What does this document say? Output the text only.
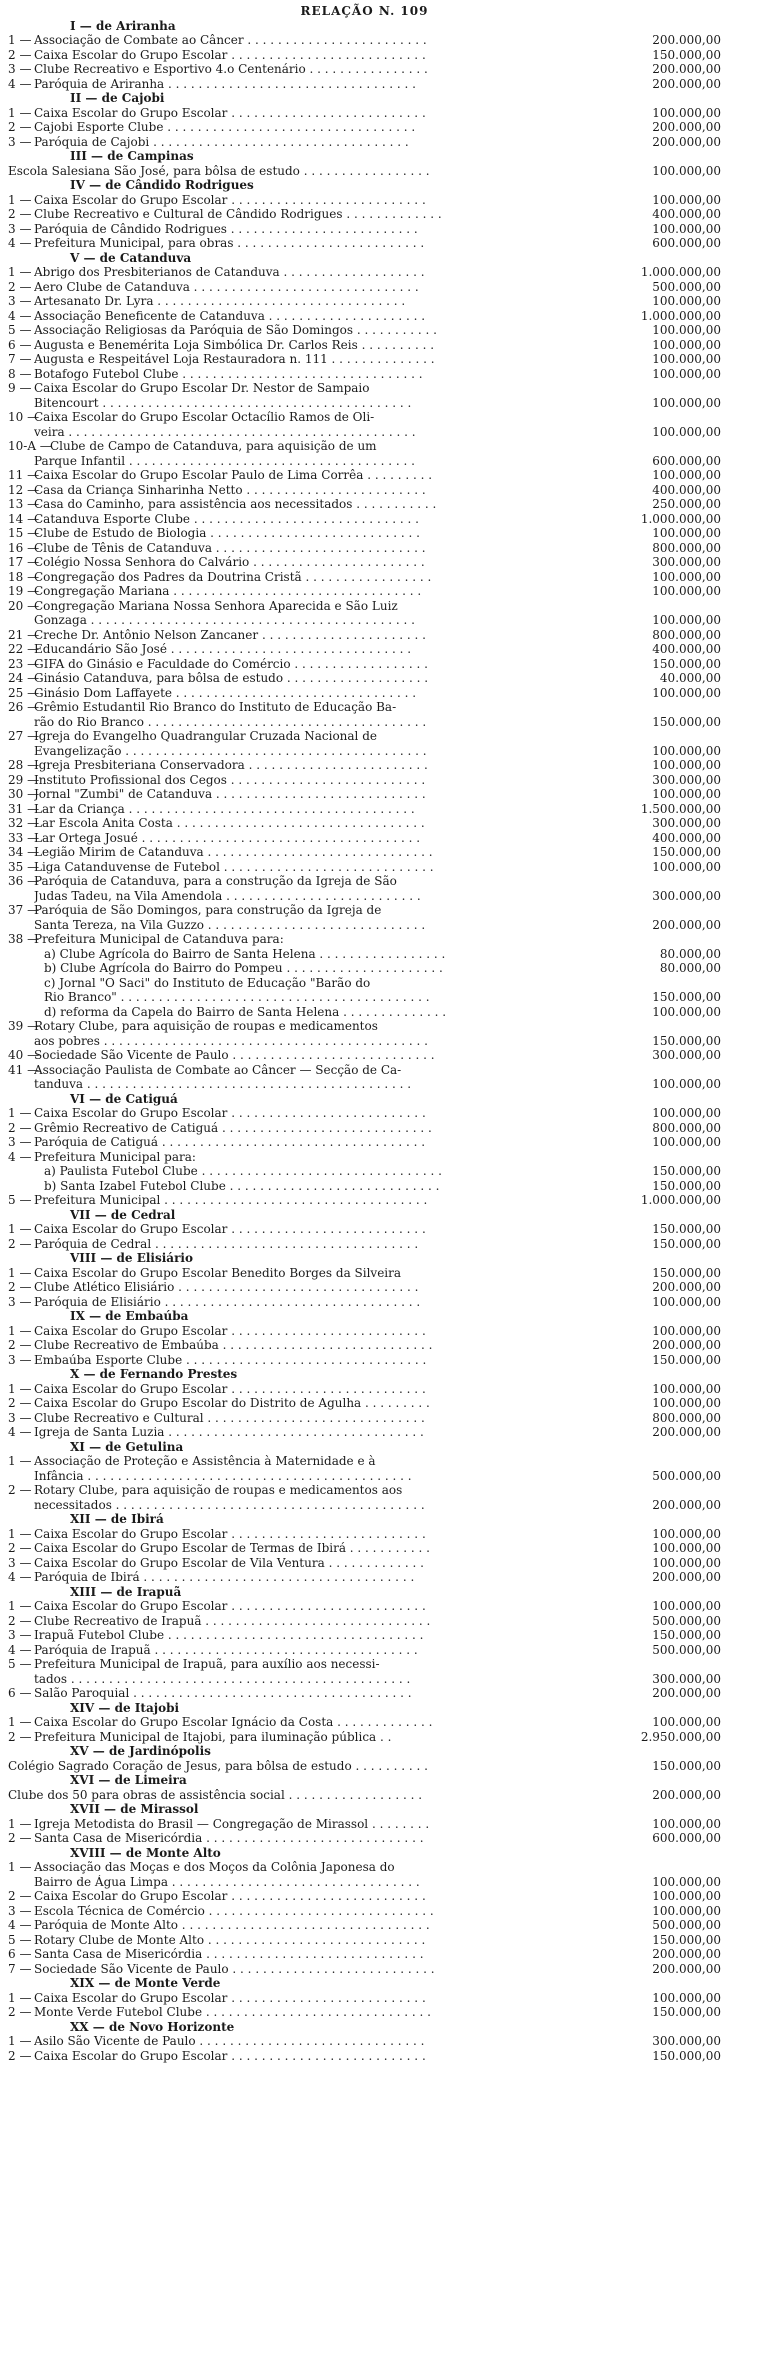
RELAÇÃO N. 109
I — de Ariranha
1 — Associação de Combate ao Câncer . . . . . . . . . . . . . . . . . . . . . . . .	200.000,00
2 — Caixa Escolar do Grupo Escolar . . . . . . . . . . . . . . . . . . . . . . . . . .	150.000,00
3 — Clube Recreativo e Esportivo 4.o Centenário . . . . . . . . . . . . . . . .	200.000,00
4 — Paróquia de Ariranha . . . . . . . . . . . . . . . . . . . . . . . . . . . . . . . . .	200.000,00
II — de Cajobi
1 — Caixa Escolar do Grupo Escolar . . . . . . . . . . . . . . . . . . . . . . . . . .	100.000,00
2 — Cajobi Esporte Clube . . . . . . . . . . . . . . . . . . . . . . . . . . . . . . . . .	200.000,00
3 — Paróquia de Cajobi . . . . . . . . . . . . . . . . . . . . . . . . . . . . . . . . . .	200.000,00
III — de Campinas
Escola Salesiana São José, para bôlsa de estudo . . . . . . . . . . . . . . . . .	100.000,00
IV — de Cândido Rodrigues
1 — Caixa Escolar do Grupo Escolar . . . . . . . . . . . . . . . . . . . . . . . . . .	100.000,00
2 — Clube Recreativo e Cultural de Cândido Rodrigues . . . . . . . . . . . . .	400.000,00
3 — Paróquia de Cândido Rodrigues . . . . . . . . . . . . . . . . . . . . . . . . .	100.000,00
4 — Prefeitura Municipal, para obras . . . . . . . . . . . . . . . . . . . . . . . . .	600.000,00
V — de Catanduva
1 — Abrigo dos Presbiterianos de Catanduva . . . . . . . . . . . . . . . . . . .	1.000.000,00
2 — Aero Clube de Catanduva . . . . . . . . . . . . . . . . . . . . . . . . . . . . . .	500.000,00
3 — Artesanato Dr. Lyra . . . . . . . . . . . . . . . . . . . . . . . . . . . . . . . . .	100.000,00
4 — Associação Beneficente de Catanduva . . . . . . . . . . . . . . . . . . . . .	1.000.000,00
5 — Associação Religiosas da Paróquia de São Domingos . . . . . . . . . . .	100.000,00
6 — Augusta e Benemérita Loja Simbólica Dr. Carlos Reis . . . . . . . . . .	100.000,00
7 — Augusta e Respeitável Loja Restauradora n. 111 . . . . . . . . . . . . . .	100.000,00
8 — Botafogo Futebol Clube . . . . . . . . . . . . . . . . . . . . . . . . . . . . . . . .	100.000,00
9 — Caixa Escolar do Grupo Escolar Dr. Nestor de Sampaio
Bitencourt . . . . . . . . . . . . . . . . . . . . . . . . . . . . . . . . . . . . . . . . .	100.000,00
10 —
Caixa Escolar do Grupo Escolar Octacílio Ramos de Oli-
veira . . . . . . . . . . . . . . . . . . . . . . . . . . . . . . . . . . . . . . . . . . . . . .	100.000,00
10-A —
Clube de Campo de Catanduva, para aquisição de um
Parque Infantil . . . . . . . . . . . . . . . . . . . . . . . . . . . . . . . . . . . . . .	600.000,00
11 —
Caixa Escolar do Grupo Escolar Paulo de Lima Corrêa . . . . . . . . .	100.000,00
12 —
Casa da Criança Sinharinha Netto . . . . . . . . . . . . . . . . . . . . . . . .	400.000,00
13 —
Casa do Caminho, para assistência aos necessitados . . . . . . . . . . .	250.000,00
14 —
Catanduva Esporte Clube . . . . . . . . . . . . . . . . . . . . . . . . . . . . . .	1.000.000,00
15 —
Clube de Estudo de Biologia . . . . . . . . . . . . . . . . . . . . . . . . . . . .	100.000,00
16 —
Clube de Tênis de Catanduva . . . . . . . . . . . . . . . . . . . . . . . . . . . .	800.000,00
17 —
Colégio Nossa Senhora do Calvário . . . . . . . . . . . . . . . . . . . . . . .	300.000,00
18 —
Congregação dos Padres da Doutrina Cristã . . . . . . . . . . . . . . . . .	100.000,00
19 —
Congregação Mariana . . . . . . . . . . . . . . . . . . . . . . . . . . . . . . . . .	100.000,00
20 —
Congregação Mariana Nossa Senhora Aparecida e São Luiz
Gonzaga . . . . . . . . . . . . . . . . . . . . . . . . . . . . . . . . . . . . . . . . . . .	100.000,00
21 —
Creche Dr. Antônio Nelson Zancaner . . . . . . . . . . . . . . . . . . . . . .	800.000,00
22 —
Educandário São José . . . . . . . . . . . . . . . . . . . . . . . . . . . . . . . .	400.000,00
23 —
GIFA do Ginásio e Faculdade do Comércio . . . . . . . . . . . . . . . . . .	150.000,00
24 —
Ginásio Catanduva, para bôlsa de estudo . . . . . . . . . . . . . . . . . . .	40.000,00
25 —
Ginásio Dom Laffayete . . . . . . . . . . . . . . . . . . . . . . . . . . . . . . . .	100.000,00
26 —
Grêmio Estudantil Rio Branco do Instituto de Educação Ba-
rão do Rio Branco . . . . . . . . . . . . . . . . . . . . . . . . . . . . . . . . . . . . .	150.000,00
27 —
Igreja do Evangelho Quadrangular Cruzada Nacional de
Evangelização . . . . . . . . . . . . . . . . . . . . . . . . . . . . . . . . . . . . . . . .	100.000,00
28 —
Igreja Presbiteriana Conservadora . . . . . . . . . . . . . . . . . . . . . . . .	100.000,00
29 —
Instituto Profissional dos Cegos . . . . . . . . . . . . . . . . . . . . . . . . . .	300.000,00
30 —
Jornal "Zumbi" de Catanduva . . . . . . . . . . . . . . . . . . . . . . . . . . . .	100.000,00
31 —
Lar da Criança . . . . . . . . . . . . . . . . . . . . . . . . . . . . . . . . . . . . . .	1.500.000,00
32 —
Lar Escola Anita Costa . . . . . . . . . . . . . . . . . . . . . . . . . . . . . . . . .	300.000,00
33 —
Lar Ortega Josué . . . . . . . . . . . . . . . . . . . . . . . . . . . . . . . . . . . . .	400.000,00
34 —
Legião Mirim de Catanduva . . . . . . . . . . . . . . . . . . . . . . . . . . . . . .	150.000,00
35 —
Liga Catanduvense de Futebol . . . . . . . . . . . . . . . . . . . . . . . . . . . .	100.000,00
36 —
Paróquia de Catanduva, para a construção da Igreja de São
Judas Tadeu, na Vila Amendola . . . . . . . . . . . . . . . . . . . . . . . . . .	300.000,00
37 —
Paróquia de São Domingos, para construção da Igreja de
Santa Tereza, na Vila Guzzo . . . . . . . . . . . . . . . . . . . . . . . . . . . . .	200.000,00
38 —
Prefeitura Municipal de Catanduva para:
a) Clube Agrícola do Bairro de Santa Helena . . . . . . . . . . . . . . . . .	80.000,00
b) Clube Agrícola do Bairro do Pompeu . . . . . . . . . . . . . . . . . . . . .	80.000,00
c) Jornal "O Saci" do Instituto de Educação "Barão do
Rio Branco" . . . . . . . . . . . . . . . . . . . . . . . . . . . . . . . . . . . . . . . . .	150.000,00
d) reforma da Capela do Bairro de Santa Helena . . . . . . . . . . . . . .	100.000,00
39 —
Rotary Clube, para aquisição de roupas e medicamentos
aos pobres . . . . . . . . . . . . . . . . . . . . . . . . . . . . . . . . . . . . . . . . . . .	150.000,00
40 —
Sociedade São Vicente de Paulo . . . . . . . . . . . . . . . . . . . . . . . . . . .	300.000,00
41 —
Associação Paulista de Combate ao Câncer — Secção de Ca-
tanduva . . . . . . . . . . . . . . . . . . . . . . . . . . . . . . . . . . . . . . . . . . .	100.000,00
VI — de Catiguá
1 — Caixa Escolar do Grupo Escolar . . . . . . . . . . . . . . . . . . . . . . . . . .	100.000,00
2 — Grêmio Recreativo de Catiguá . . . . . . . . . . . . . . . . . . . . . . . . . . . .	800.000,00
3 — Paróquia de Catiguá . . . . . . . . . . . . . . . . . . . . . . . . . . . . . . . . . . .	100.000,00
4 — Prefeitura Municipal para:
a) Paulista Futebol Clube . . . . . . . . . . . . . . . . . . . . . . . . . . . . . . . .	150.000,00
b) Santa Izabel Futebol Clube . . . . . . . . . . . . . . . . . . . . . . . . . . . .	150.000,00
5 — Prefeitura Municipal . . . . . . . . . . . . . . . . . . . . . . . . . . . . . . . . . . .	1.000.000,00
VII — de Cedral
1 — Caixa Escolar do Grupo Escolar . . . . . . . . . . . . . . . . . . . . . . . . . .	150.000,00
2 — Paróquia de Cedral . . . . . . . . . . . . . . . . . . . . . . . . . . . . . . . . . . .	150.000,00
VIII — de Elisiário
1 — Caixa Escolar do Grupo Escolar Benedito Borges da Silveira	150.000,00
2 — Clube Atlético Elisiário . . . . . . . . . . . . . . . . . . . . . . . . . . . . . . . .	200.000,00
3 — Paróquia de Elisiário . . . . . . . . . . . . . . . . . . . . . . . . . . . . . . . . . .	100.000,00
IX — de Embaúba
1 — Caixa Escolar do Grupo Escolar . . . . . . . . . . . . . . . . . . . . . . . . . .	100.000,00
2 — Clube Recreativo de Embaúba . . . . . . . . . . . . . . . . . . . . . . . . . . . .	200.000,00
3 — Embaúba Esporte Clube . . . . . . . . . . . . . . . . . . . . . . . . . . . . . . . .	150.000,00
X — de Fernando Prestes
1 — Caixa Escolar do Grupo Escolar . . . . . . . . . . . . . . . . . . . . . . . . . .	100.000,00
2 — Caixa Escolar do Grupo Escolar do Distrito de Agulha . . . . . . . . .	100.000,00
3 — Clube Recreativo e Cultural . . . . . . . . . . . . . . . . . . . . . . . . . . . . .	800.000,00
4 — Igreja de Santa Luzia . . . . . . . . . . . . . . . . . . . . . . . . . . . . . . . . . .	200.000,00
XI — de Getulina
1 — Associação de Proteção e Assistência à Maternidade e à
Infância . . . . . . . . . . . . . . . . . . . . . . . . . . . . . . . . . . . . . . . . . . .	500.000,00
2 — Rotary Clube, para aquisição de roupas e medicamentos aos
necessitados . . . . . . . . . . . . . . . . . . . . . . . . . . . . . . . . . . . . . . . . .	200.000,00
XII — de Ibirá
1 — Caixa Escolar do Grupo Escolar . . . . . . . . . . . . . . . . . . . . . . . . . .	100.000,00
2 — Caixa Escolar do Grupo Escolar de Termas de Ibirá . . . . . . . . . . .	100.000,00
3 — Caixa Escolar do Grupo Escolar de Vila Ventura . . . . . . . . . . . . .	100.000,00
4 — Paróquia de Ibirá . . . . . . . . . . . . . . . . . . . . . . . . . . . . . . . . . . . .	200.000,00
XIII — de Irapuã
1 — Caixa Escolar do Grupo Escolar . . . . . . . . . . . . . . . . . . . . . . . . . .	100.000,00
2 — Clube Recreativo de Irapuã . . . . . . . . . . . . . . . . . . . . . . . . . . . . . .	500.000,00
3 — Irapuã Futebol Clube . . . . . . . . . . . . . . . . . . . . . . . . . . . . . . . . . .	150.000,00
4 — Paróquia de Irapuã . . . . . . . . . . . . . . . . . . . . . . . . . . . . . . . . . . .	500.000,00
5 — Prefeitura Municipal de Irapuã, para auxílio aos necessi-
tados . . . . . . . . . . . . . . . . . . . . . . . . . . . . . . . . . . . . . . . . . . . . .	300.000,00
6 — Salão Paroquial . . . . . . . . . . . . . . . . . . . . . . . . . . . . . . . . . . . . .	200.000,00
XIV — de Itajobi
1 — Caixa Escolar do Grupo Escolar Ignácio da Costa . . . . . . . . . . . . .	100.000,00
2 — Prefeitura Municipal de Itajobi, para iluminação pública . .	2.950.000,00
XV — de Jardinópolis
Colégio Sagrado Coração de Jesus, para bôlsa de estudo . . . . . . . . . .	150.000,00
XVI — de Limeira
Clube dos 50 para obras de assistência social . . . . . . . . . . . . . . . . . .	200.000,00
XVII — de Mirassol
1 — Igreja Metodista do Brasil — Congregação de Mirassol . . . . . . . .	100.000,00
2 — Santa Casa de Misericórdia . . . . . . . . . . . . . . . . . . . . . . . . . . . . .	600.000,00
XVIII — de Monte Alto
1 — Associação das Moças e dos Moços da Colônia Japonesa do
Bairro de Água Limpa . . . . . . . . . . . . . . . . . . . . . . . . . . . . . . . . .	100.000,00
2 — Caixa Escolar do Grupo Escolar . . . . . . . . . . . . . . . . . . . . . . . . . .	100.000,00
3 — Escola Técnica de Comércio . . . . . . . . . . . . . . . . . . . . . . . . . . . . . .	100.000,00
4 — Paróquia de Monte Alto . . . . . . . . . . . . . . . . . . . . . . . . . . . . . . . . .	500.000,00
5 — Rotary Clube de Monte Alto . . . . . . . . . . . . . . . . . . . . . . . . . . . . .	150.000,00
6 — Santa Casa de Misericórdia . . . . . . . . . . . . . . . . . . . . . . . . . . . . .	200.000,00
7 — Sociedade São Vicente de Paulo . . . . . . . . . . . . . . . . . . . . . . . . . . .	200.000,00
XIX — de Monte Verde
1 — Caixa Escolar do Grupo Escolar . . . . . . . . . . . . . . . . . . . . . . . . . .	100.000,00
2 — Monte Verde Futebol Clube . . . . . . . . . . . . . . . . . . . . . . . . . . . . . .	150.000,00
XX — de Novo Horizonte
1 — Asilo São Vicente de Paulo . . . . . . . . . . . . . . . . . . . . . . . . . . . . . .	300.000,00
2 — Caixa Escolar do Grupo Escolar . . . . . . . . . . . . . . . . . . . . . . . . . .	150.000,00
